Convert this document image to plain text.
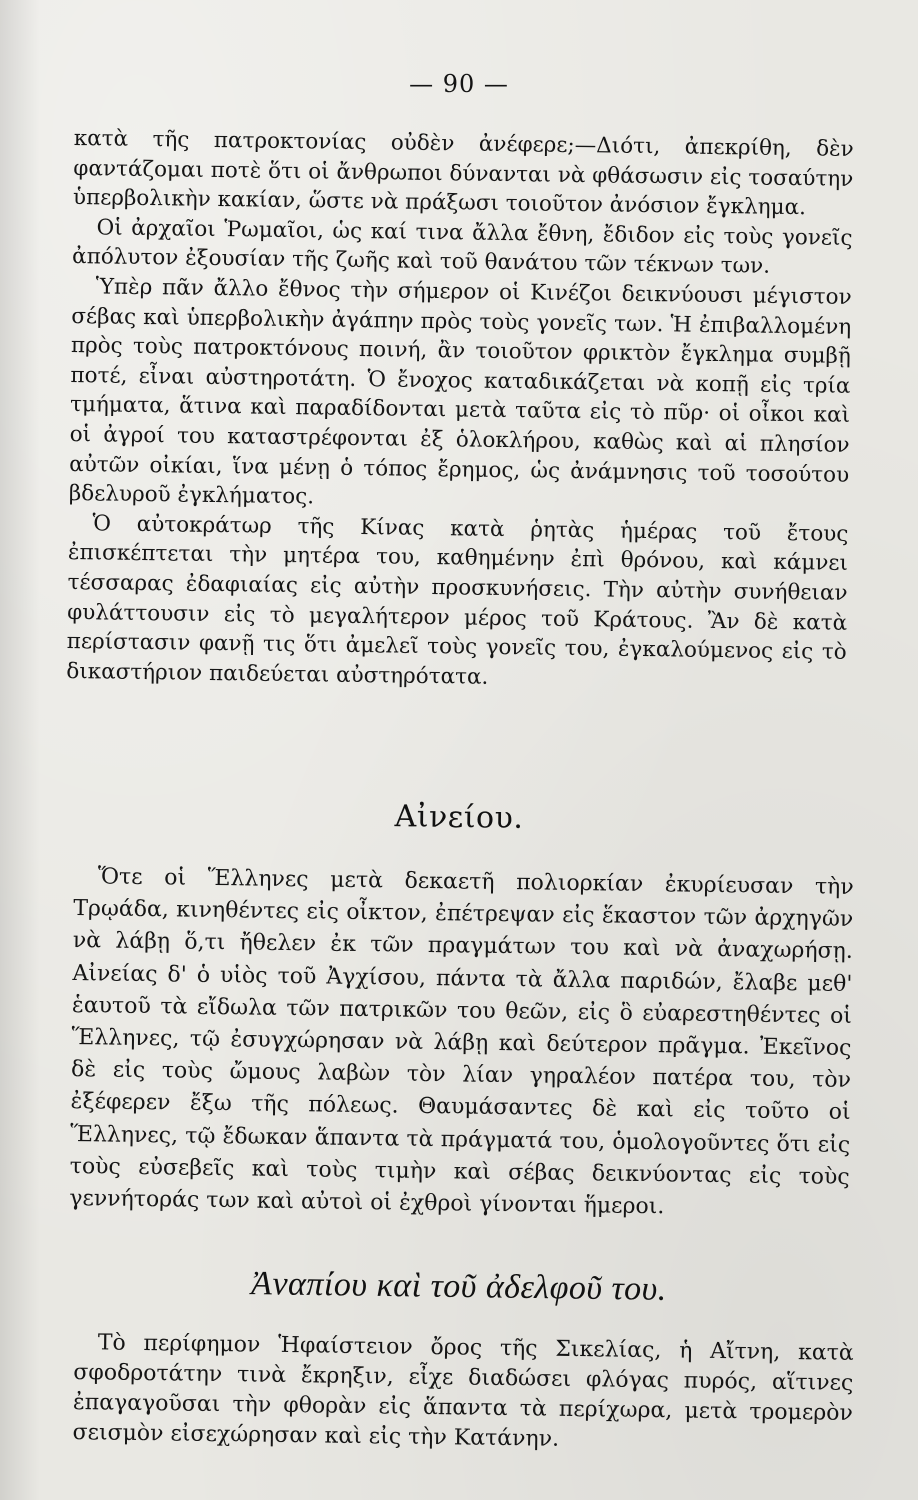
— 90 —

κατὰ τῆς πατροκτονίας οὐδὲν ἀνέφερε;—Διότι, ἀπεκρίθη, δὲν φαντάζομαι ποτὲ ὅτι οἱ ἄνθρωποι δύνανται νὰ φθάσωσιν εἰς τοσαύτην ὑπερβολικὴν κακίαν, ὥστε νὰ πράξωσι τοιοῦτον ἀνόσιον ἔγκλημα.

Οἱ ἀρχαῖοι Ῥωμαῖοι, ὡς καί τινα ἄλλα ἔθνη, ἔδιδον εἰς τοὺς γονεῖς ἀπόλυτον ἐξουσίαν τῆς ζωῆς καὶ τοῦ θανάτου τῶν τέκνων των.

Ὑπὲρ πᾶν ἄλλο ἔθνος τὴν σήμερον οἱ Κινέζοι δεικνύουσι μέγιστον σέβας καὶ ὑπερβολικὴν ἀγάπην πρὸς τοὺς γονεῖς των. Ἡ ἐπιβαλλομένη πρὸς τοὺς πατροκτόνους ποινή, ἂν τοιοῦτον φρικτὸν ἔγκλημα συμβῇ ποτέ, εἶναι αὐστηροτάτη. Ὁ ἔνοχος καταδικάζεται νὰ κοπῇ εἰς τρία τμήματα, ἅτινα καὶ παραδίδονται μετὰ ταῦτα εἰς τὸ πῦρ· οἱ οἶκοι καὶ οἱ ἀγροί του καταστρέφονται ἐξ ὁλοκλήρου, καθὼς καὶ αἱ πλησίον αὐτῶν οἰκίαι, ἵνα μένῃ ὁ τόπος ἔρημος, ὡς ἀνάμνησις τοῦ τοσούτου βδελυροῦ ἐγκλήματος.

Ὁ αὐτοκράτωρ τῆς Κίνας κατὰ ῥητὰς ἡμέρας τοῦ ἔτους ἐπισκέπτεται τὴν μητέρα του, καθημένην ἐπὶ θρόνου, καὶ κάμνει τέσσαρας ἐδαφιαίας εἰς αὐτὴν προσκυνήσεις. Τὴν αὐτὴν συνήθειαν φυλάττουσιν εἰς τὸ μεγαλήτερον μέρος τοῦ Κράτους. Ἂν δὲ κατὰ περίστασιν φανῇ τις ὅτι ἀμελεῖ τοὺς γονεῖς του, ἐγκαλούμενος εἰς τὸ δικαστήριον παιδεύεται αὐστηρότατα.

Αἰνείου.

Ὅτε οἱ Ἕλληνες μετὰ δεκαετῆ πολιορκίαν ἐκυρίευσαν τὴν Τρῳάδα, κινηθέντες εἰς οἶκτον, ἐπέτρεψαν εἰς ἕκαστον τῶν ἀρχηγῶν νὰ λάβῃ ὅ,τι ἤθελεν ἐκ τῶν πραγμάτων του καὶ νὰ ἀναχωρήσῃ. Αἰνείας δ' ὁ υἱὸς τοῦ Ἀγχίσου, πάντα τὰ ἄλλα παριδών, ἔλαβε μεθ' ἑαυτοῦ τὰ εἴδωλα τῶν πατρικῶν του θεῶν, εἰς ὃ εὐαρεστηθέντες οἱ Ἕλληνες, τῷ ἐσυγχώρησαν νὰ λάβῃ καὶ δεύτερον πρᾶγμα. Ἐκεῖνος δὲ εἰς τοὺς ὤμους λαβὼν τὸν λίαν γηραλέον πατέρα του, τὸν ἐξέφερεν ἔξω τῆς πόλεως. Θαυμάσαντες δὲ καὶ εἰς τοῦτο οἱ Ἕλληνες, τῷ ἔδωκαν ἅπαντα τὰ πράγματά του, ὁμολογοῦντες ὅτι εἰς τοὺς εὐσεβεῖς καὶ τοὺς τιμὴν καὶ σέβας δεικνύοντας εἰς τοὺς γεννήτοράς των καὶ αὐτοὶ οἱ ἐχθροὶ γίνονται ἥμεροι.

Ἀναπίου καὶ τοῦ ἀδελφοῦ του.

Τὸ περίφημον Ἡφαίστειον ὄρος τῆς Σικελίας, ἡ Αἴτνη, κατὰ σφοδροτάτην τινὰ ἔκρηξιν, εἶχε διαδώσει φλόγας πυρός, αἵτινες ἐπαγαγοῦσαι τὴν φθορὰν εἰς ἅπαντα τὰ περίχωρα, μετὰ τρομερὸν σεισμὸν εἰσεχώρησαν καὶ εἰς τὴν Κατάνην.
